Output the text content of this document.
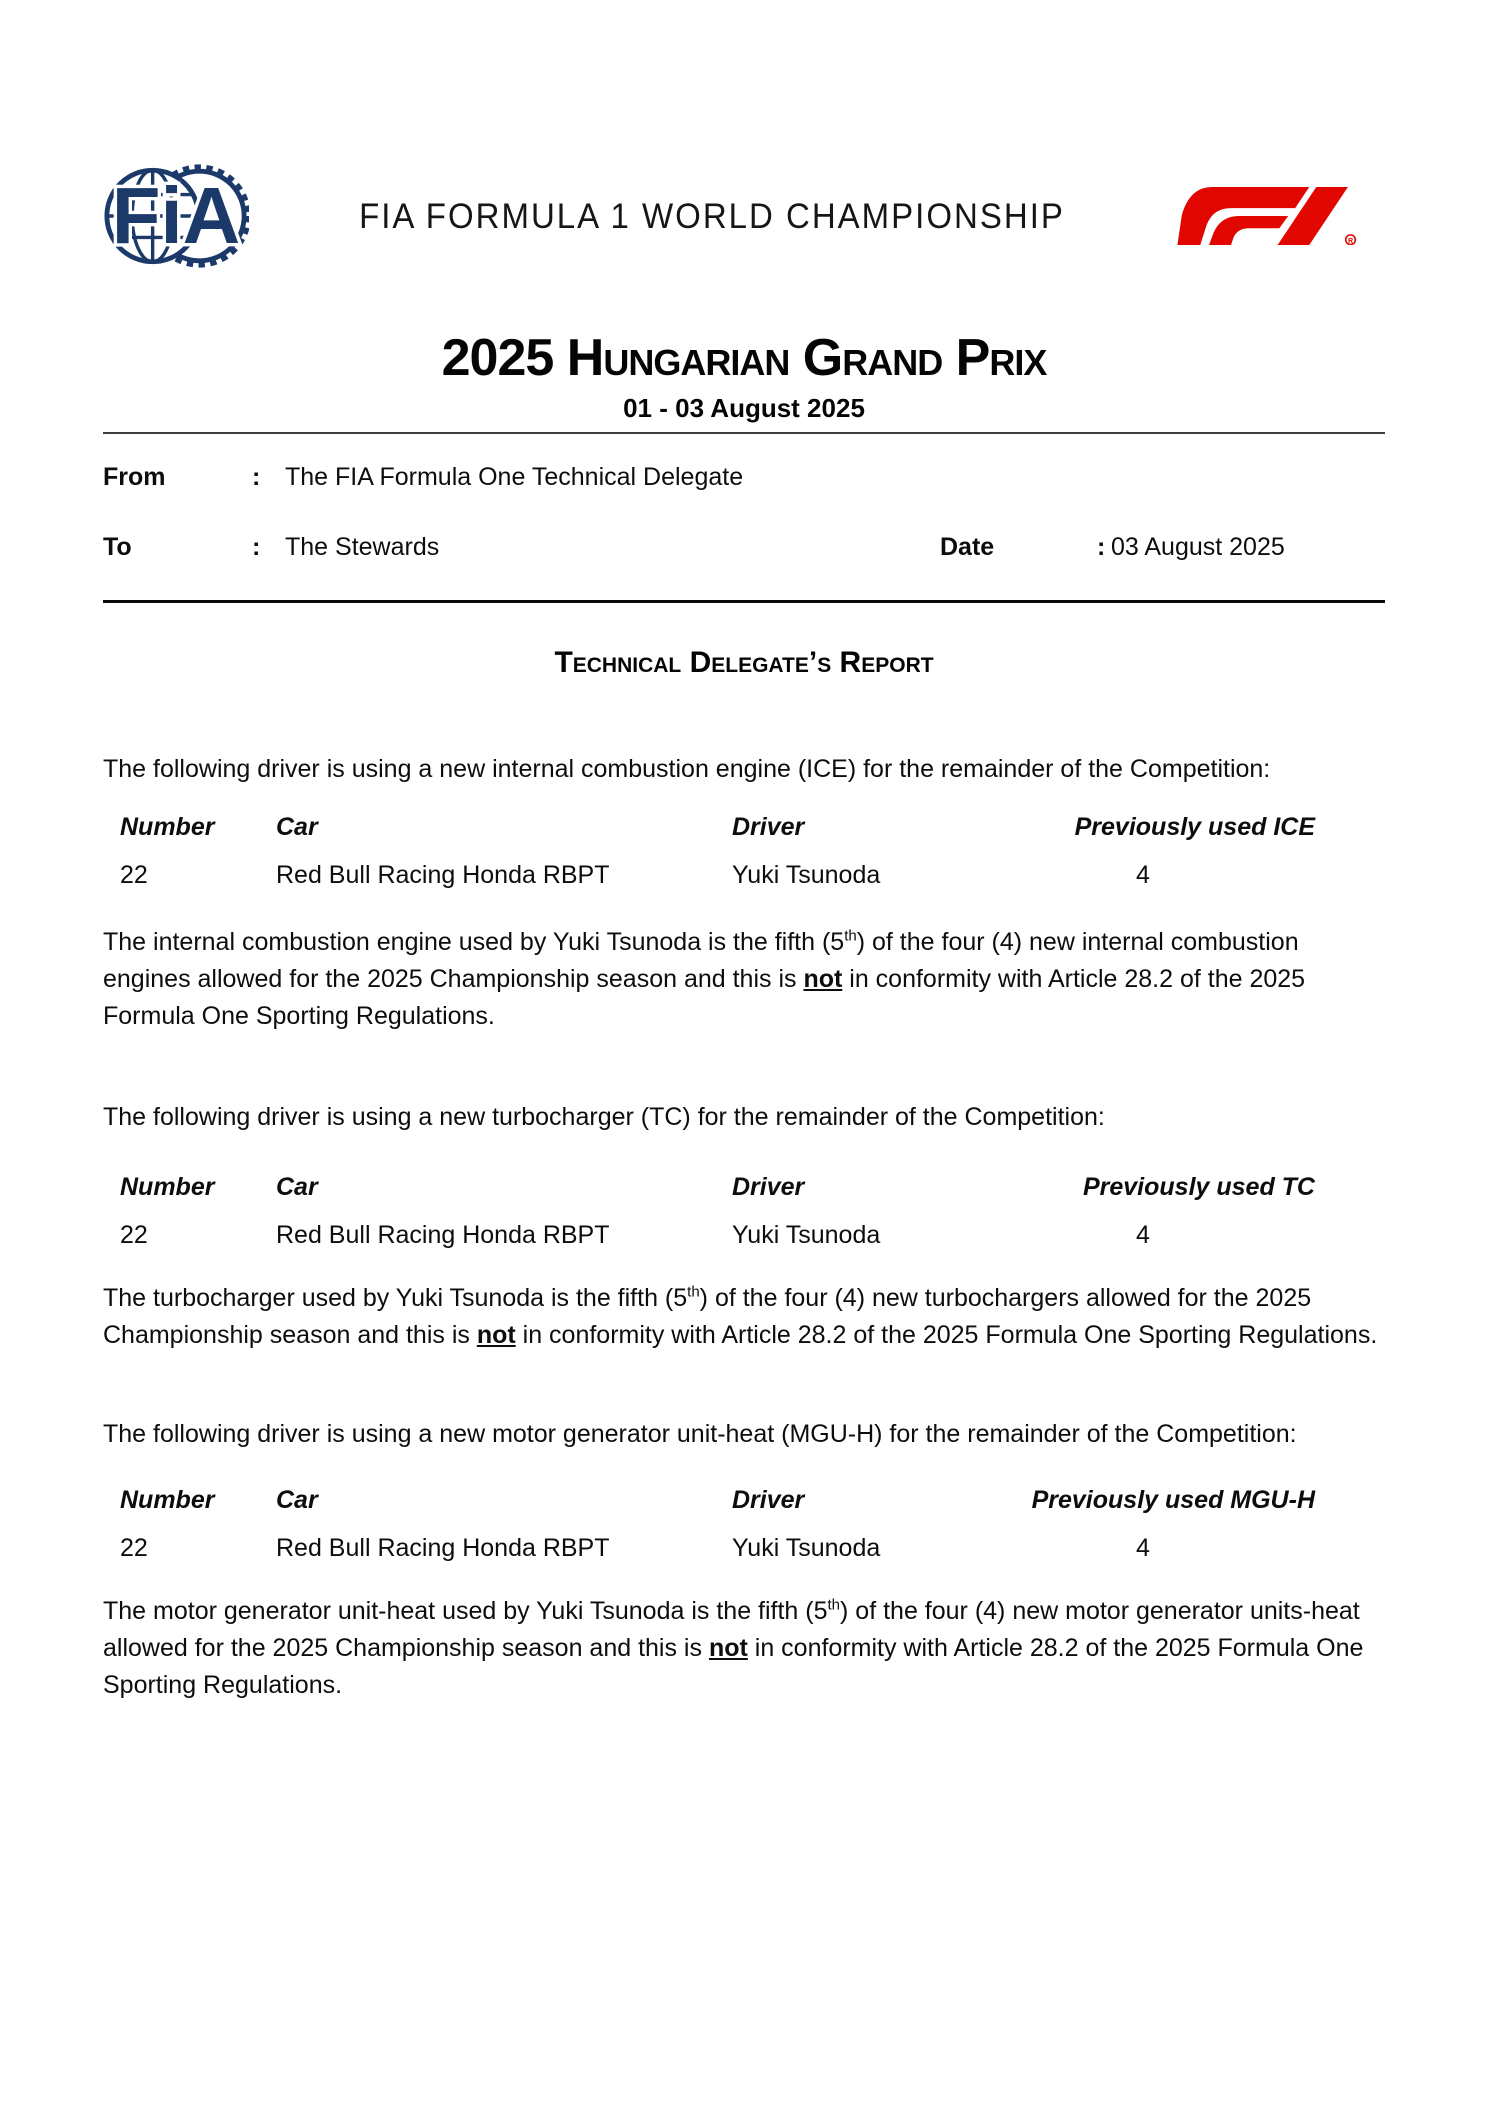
FiA	FIA FORMULA 1 WORLD CHAMPIONSHIP
R
2025 Hungarian Grand Prix
01 - 03 August 2025
From	: The FIA Formula One Technical Delegate
To	: The Stewards	Date	: 03 August 2025
Technical Delegate’s Report

The following driver is using a new internal combustion engine (ICE) for the remainder of the Competition:

Number	Car	Driver	Previously used ICE
22	Red Bull Racing Honda RBPT	Yuki Tsunoda	4

The internal combustion engine used by Yuki Tsunoda is the fifth (5th) of the four (4) new internal combustion engines allowed for the 2025 Championship season and this is not in conformity with Article 28.2 of the 2025 Formula One Sporting Regulations.

The following driver is using a new turbocharger (TC) for the remainder of the Competition:

Number	Car	Driver	Previously used TC
22	Red Bull Racing Honda RBPT	Yuki Tsunoda	4

The turbocharger used by Yuki Tsunoda is the fifth (5th) of the four (4) new turbochargers allowed for the 2025 Championship season and this is not in conformity with Article 28.2 of the 2025 Formula One Sporting Regulations.

The following driver is using a new motor generator unit-heat (MGU-H) for the remainder of the Competition:

Number	Car	Driver	Previously used MGU-H
22	Red Bull Racing Honda RBPT	Yuki Tsunoda	4

The motor generator unit-heat used by Yuki Tsunoda is the fifth (5th) of the four (4) new motor generator units-heat allowed for the 2025 Championship season and this is not in conformity with Article 28.2 of the 2025 Formula One Sporting Regulations.
